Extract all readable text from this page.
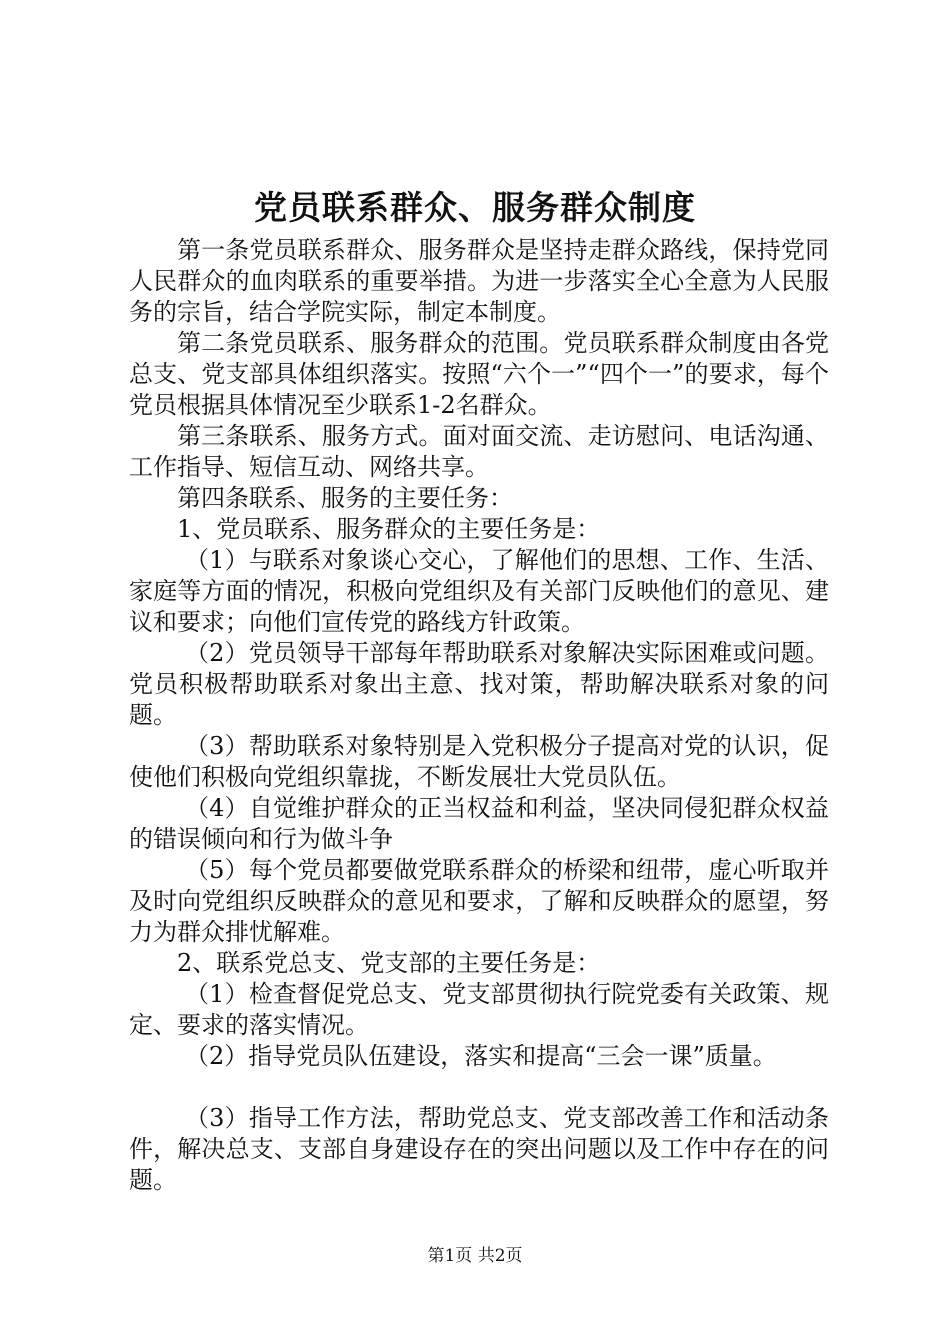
党员联系群众、服务群众制度

第一条党员联系群众、服务群众是坚持走群众路线，保持党同人民群众的血肉联系的重要举措。为进一步落实全心全意为人民服务的宗旨，结合学院实际，制定本制度。

第二条党员联系、服务群众的范围。党员联系群众制度由各党总支、党支部具体组织落实。按照“六个一”“四个一”的要求，每个党员根据具体情况至少联系1-2名群众。

第三条联系、服务方式。面对面交流、走访慰问、电话沟通、工作指导、短信互动、网络共享。

第四条联系、服务的主要任务：

1、党员联系、服务群众的主要任务是：

（1）与联系对象谈心交心，了解他们的思想、工作、生活、家庭等方面的情况，积极向党组织及有关部门反映他们的意见、建议和要求；向他们宣传党的路线方针政策。

（2）党员领导干部每年帮助联系对象解决实际困难或问题。党员积极帮助联系对象出主意、找对策，帮助解决联系对象的问题。

（3）帮助联系对象特别是入党积极分子提高对党的认识，促使他们积极向党组织靠拢，不断发展壮大党员队伍。

（4）自觉维护群众的正当权益和利益，坚决同侵犯群众权益的错误倾向和行为做斗争

（5）每个党员都要做党联系群众的桥梁和纽带，虚心听取并及时向党组织反映群众的意见和要求，了解和反映群众的愿望，努力为群众排忧解难。

2、联系党总支、党支部的主要任务是：

（1）检查督促党总支、党支部贯彻执行院党委有关政策、规定、要求的落实情况。

（2）指导党员队伍建设，落实和提高“三会一课”质量。

（3）指导工作方法，帮助党总支、党支部改善工作和活动条件，解决总支、支部自身建设存在的突出问题以及工作中存在的问题。

第1页 共2页
